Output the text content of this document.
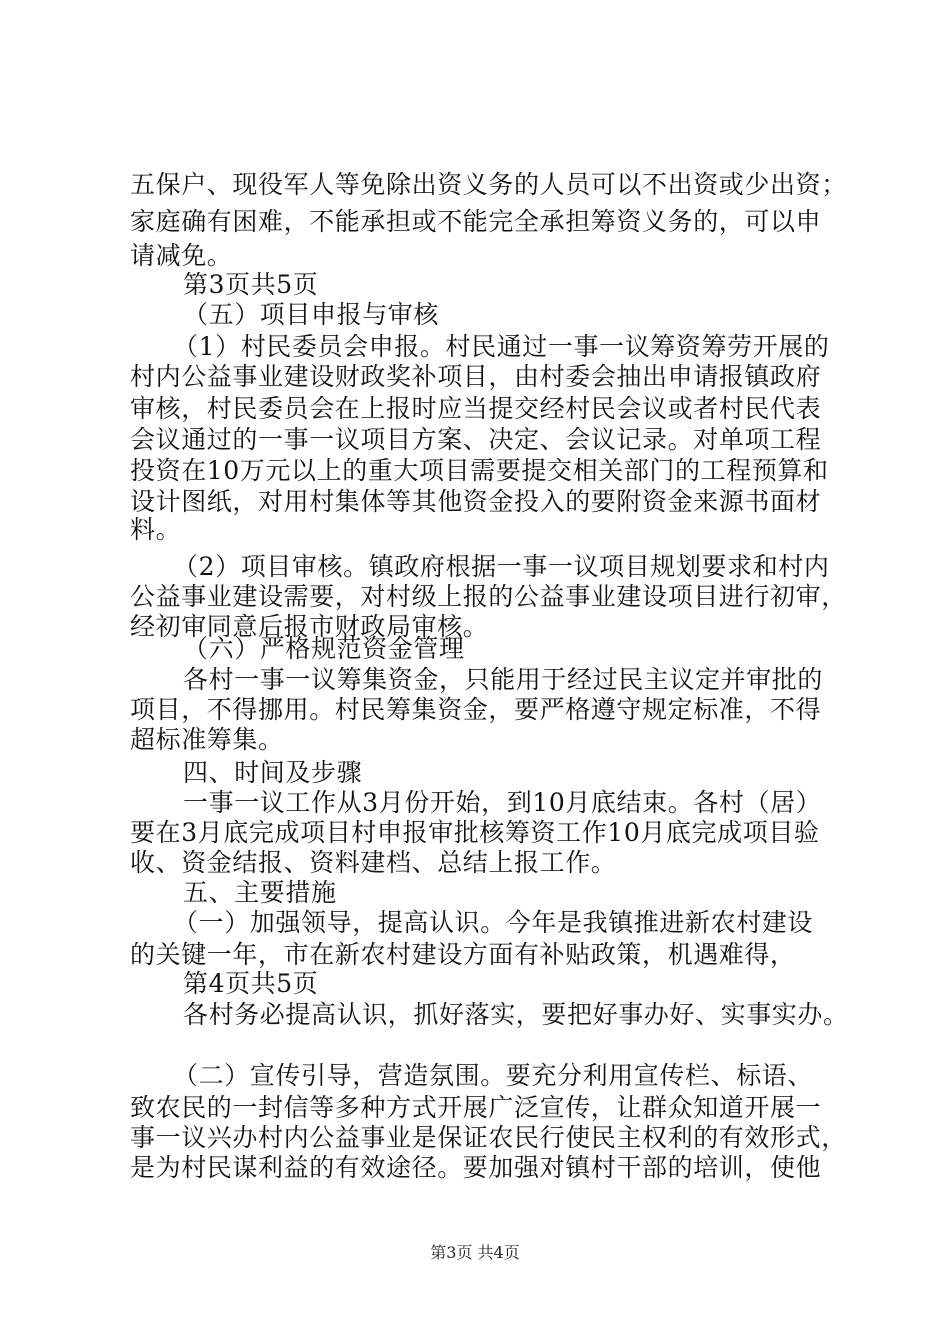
五保户、现役军人等免除出资义务的人员可以不出资或少出资；
家庭确有困难，不能承担或不能完全承担筹资义务的，可以申
请减免。
第3页共5页
（五）项目申报与审核
（1）村民委员会申报。村民通过一事一议筹资筹劳开展的
村内公益事业建设财政奖补项目，由村委会抽出申请报镇政府
审核，村民委员会在上报时应当提交经村民会议或者村民代表
会议通过的一事一议项目方案、决定、会议记录。对单项工程
投资在10万元以上的重大项目需要提交相关部门的工程预算和
设计图纸，对用村集体等其他资金投入的要附资金来源书面材
料。
（2）项目审核。镇政府根据一事一议项目规划要求和村内
公益事业建设需要，对村级上报的公益事业建设项目进行初审，
经初审同意后报市财政局审核。
（六）严格规范资金管理
各村一事一议筹集资金，只能用于经过民主议定并审批的
项目，不得挪用。村民筹集资金，要严格遵守规定标准，不得
超标准筹集。
四、时间及步骤
一事一议工作从3月份开始，到10月底结束。各村（居）
要在3月底完成项目村申报审批核筹资工作10月底完成项目验
收、资金结报、资料建档、总结上报工作。
五、主要措施
（一）加强领导，提高认识。今年是我镇推进新农村建设
的关键一年，市在新农村建设方面有补贴政策，机遇难得，
第4页共5页
各村务必提高认识，抓好落实，要把好事办好、实事实办。
（二）宣传引导，营造氛围。要充分利用宣传栏、标语、
致农民的一封信等多种方式开展广泛宣传，让群众知道开展一
事一议兴办村内公益事业是保证农民行使民主权利的有效形式，
是为村民谋利益的有效途径。要加强对镇村干部的培训，使他
第3页 共4页
